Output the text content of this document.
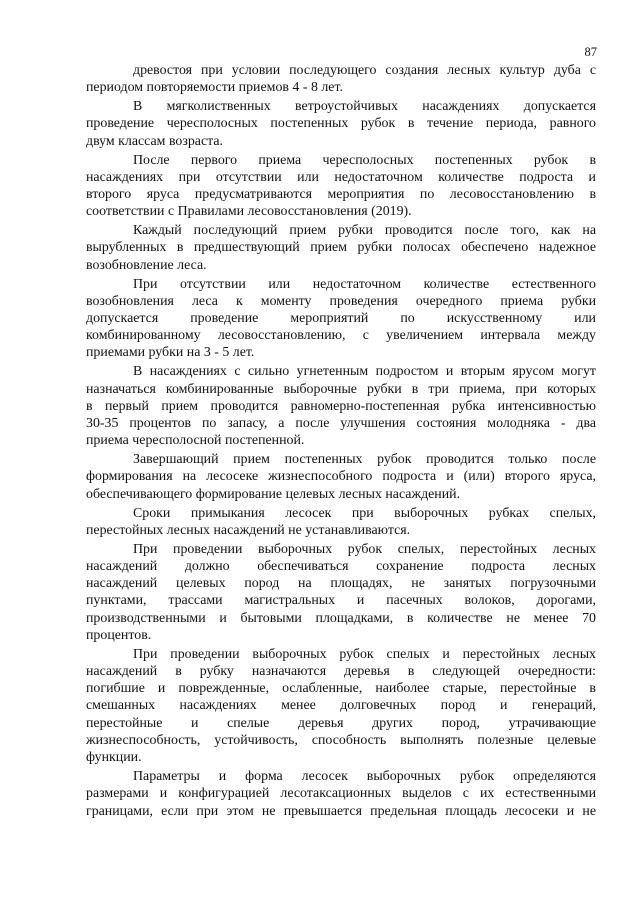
87
древостоя при условии последующего создания лесных культур дуба с
периодом повторяемости приемов 4 - 8 лет.
В мягколиственных ветроустойчивых насаждениях допускается
проведение чересполосных постепенных рубок в течение периода, равного
двум классам возраста.
После первого приема чересполосных постепенных рубок в
насаждениях при отсутствии или недостаточном количестве подроста и
второго яруса предусматриваются мероприятия по лесовосстановлению в
соответствии с Правилами лесовосстановления (2019).
Каждый последующий прием рубки проводится после того, как на
вырубленных в предшествующий прием рубки полосах обеспечено надежное
возобновление леса.
При отсутствии или недостаточном количестве естественного
возобновления леса к моменту проведения очередного приема рубки
допускается проведение мероприятий по искусственному или
комбинированному лесовосстановлению, с увеличением интервала между
приемами рубки на 3 - 5 лет.
В насаждениях с сильно угнетенным подростом и вторым ярусом могут
назначаться комбинированные выборочные рубки в три приема, при которых
в первый прием проводится равномерно-постепенная рубка интенсивностью
30-35 процентов по запасу, а после улучшения состояния молодняка - два
приема чересполосной постепенной.
Завершающий прием постепенных рубок проводится только после
формирования на лесосеке жизнеспособного подроста и (или) второго яруса,
обеспечивающего формирование целевых лесных насаждений.
Сроки примыкания лесосек при выборочных рубках спелых,
перестойных лесных насаждений не устанавливаются.
При проведении выборочных рубок спелых, перестойных лесных
насаждений должно обеспечиваться сохранение подроста лесных
насаждений целевых пород на площадях, не занятых погрузочными
пунктами, трассами магистральных и пасечных волоков, дорогами,
производственными и бытовыми площадками, в количестве не менее 70
процентов.
При проведении выборочных рубок спелых и перестойных лесных
насаждений в рубку назначаются деревья в следующей очередности:
погибшие и поврежденные, ослабленные, наиболее старые, перестойные в
смешанных насаждениях менее долговечных пород и генераций,
перестойные и спелые деревья других пород, утрачивающие
жизнеспособность, устойчивость, способность выполнять полезные целевые
функции.
Параметры и форма лесосек выборочных рубок определяются
размерами и конфигурацией лесотаксационных выделов с их естественными
границами, если при этом не превышается предельная площадь лесосеки и не
